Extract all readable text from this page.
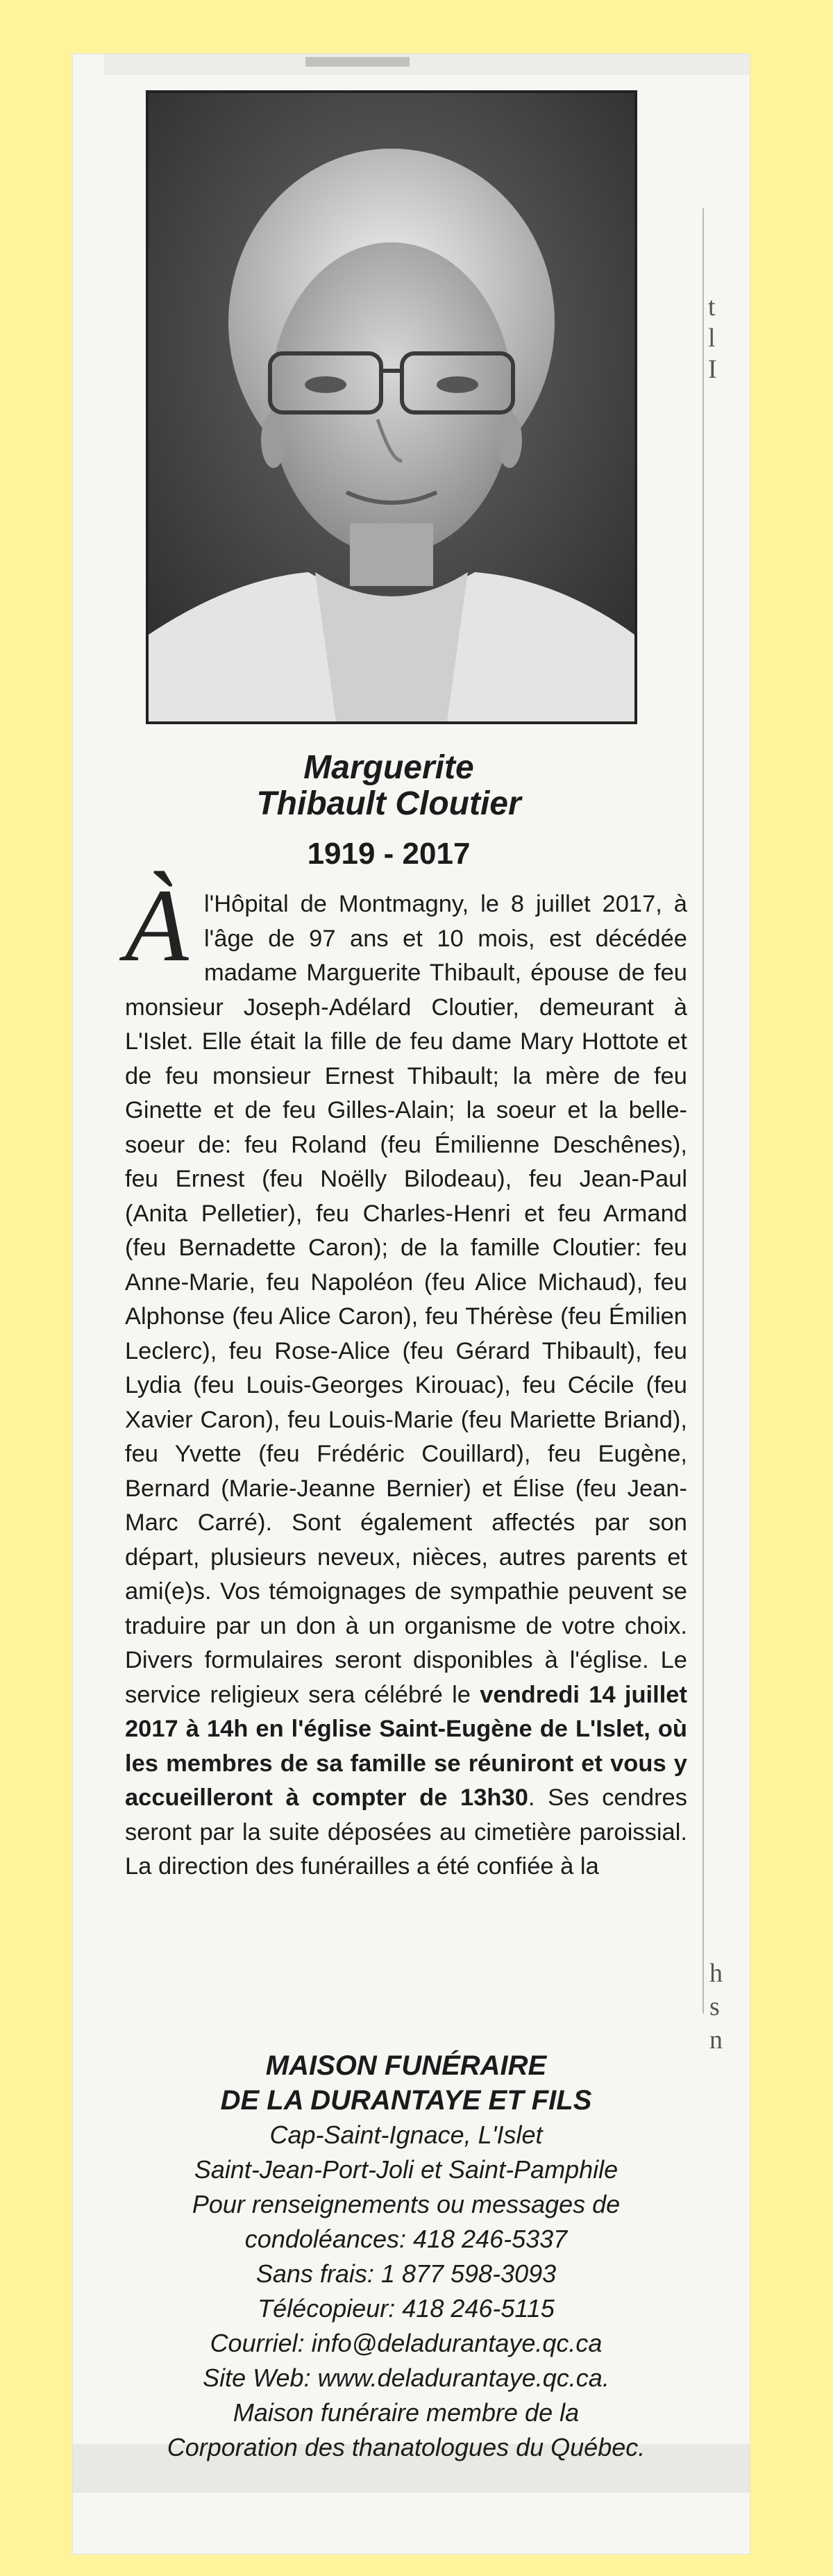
t
l
I
h
s
n
Marguerite
Thibault Cloutier
1919 - 2017
Àl'Hôpital de Montmagny, le 8 juillet 2017, à l'âge de 97 ans et 10 mois, est décédée madame Marguerite Thibault, épouse de feu monsieur Joseph-Adélard Cloutier, demeurant à L'Islet. Elle était la fille de feu dame Mary Hottote et de feu monsieur Ernest Thibault; la mère de feu Ginette et de feu Gilles-Alain; la soeur et la belle-soeur de: feu Roland (feu Émilienne Deschênes), feu Ernest (feu Noëlly Bilodeau), feu Jean-Paul (Anita Pelletier), feu Charles-Henri et feu Armand (feu Bernadette Caron); de la famille Cloutier: feu Anne-Marie, feu Napoléon (feu Alice Michaud), feu Alphonse (feu Alice Caron), feu Thérèse (feu Émilien Leclerc), feu Rose-Alice (feu Gérard Thibault), feu Lydia (feu Louis-Georges Kirouac), feu Cécile (feu Xavier Caron), feu Louis-Marie (feu Mariette Briand), feu Yvette (feu Frédéric Couillard), feu Eugène, Bernard (Marie-Jeanne Bernier) et Élise (feu Jean-Marc Carré). Sont également affectés par son départ, plusieurs neveux, nièces, autres parents et ami(e)s. Vos témoignages de sympathie peuvent se traduire par un don à un organisme de votre choix. Divers formulaires seront disponibles à l'église. Le service religieux sera célébré le vendredi 14 juillet 2017 à 14h en l'église Saint-Eugène de L'Islet, où les membres de sa famille se réuniront et vous y accueilleront à compter de 13h30. Ses cendres seront par la suite déposées au cimetière paroissial. La direction des funérailles a été confiée à la
MAISON FUNÉRAIRE
DE LA DURANTAYE ET FILS
Cap-Saint-Ignace, L'Islet
Saint-Jean-Port-Joli et Saint-Pamphile
Pour renseignements ou messages de
condoléances: 418 246-5337
Sans frais: 1 877 598-3093
Télécopieur: 418 246-5115
Courriel: info@deladurantaye.qc.ca
Site Web: www.deladurantaye.qc.ca.
Maison funéraire membre de la
Corporation des thanatologues du Québec.
